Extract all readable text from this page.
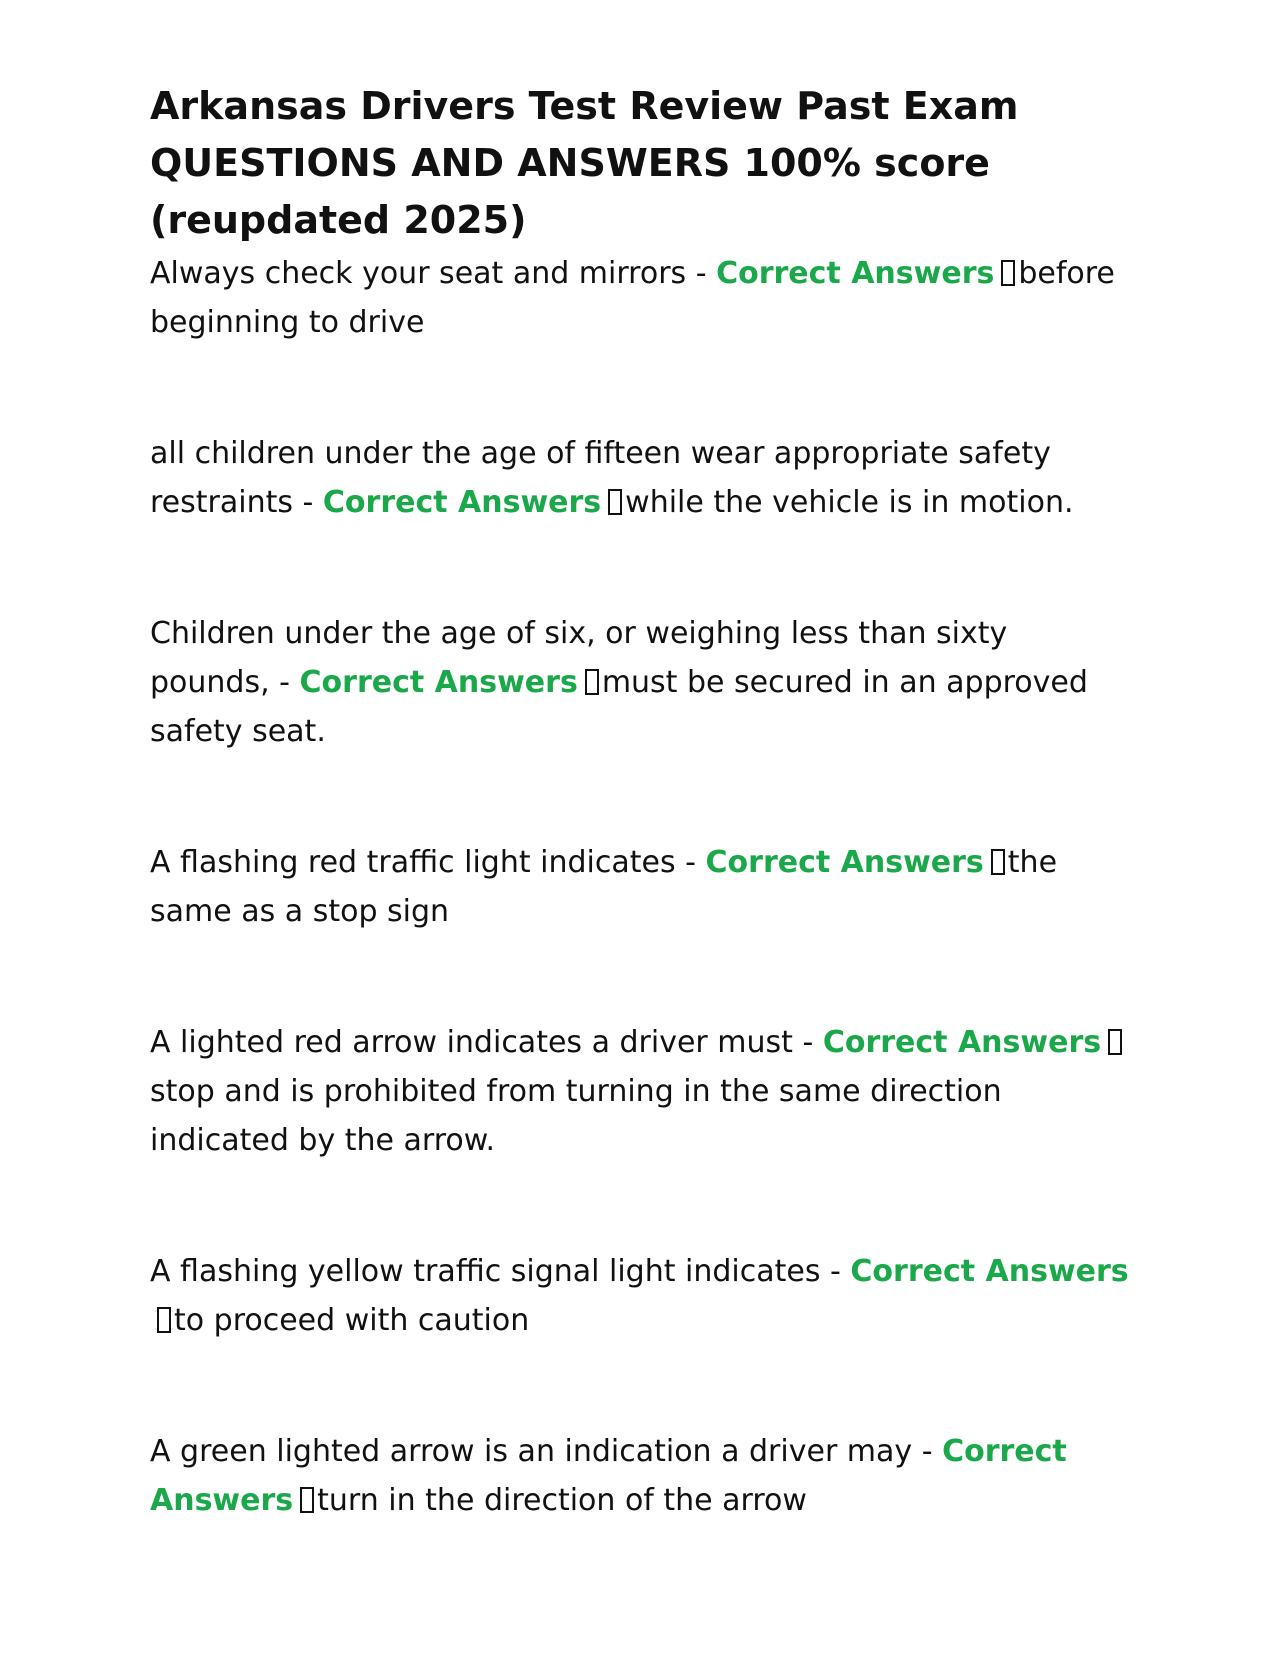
Arkansas Drivers Test Review Past Exam QUESTIONS AND ANSWERS 100% score (reupdated 2025)

Always check your seat and mirrors - Correct Answers before beginning to drive

all children under the age of fifteen wear appropriate safety restraints - Correct Answers while the vehicle is in motion.

Children under the age of six, or weighing less than sixty pounds, - Correct Answers must be secured in an approved safety seat.

A flashing red traffic light indicates - Correct Answers the same as a stop sign

A lighted red arrow indicates a driver must - Correct Answersstop and is prohibited from turning in the same direction indicated by the arrow.

A flashing yellow traffic signal light indicates - Correct Answersto proceed with caution

A green lighted arrow is an indication a driver may - Correct Answers turn in the direction of the arrow
